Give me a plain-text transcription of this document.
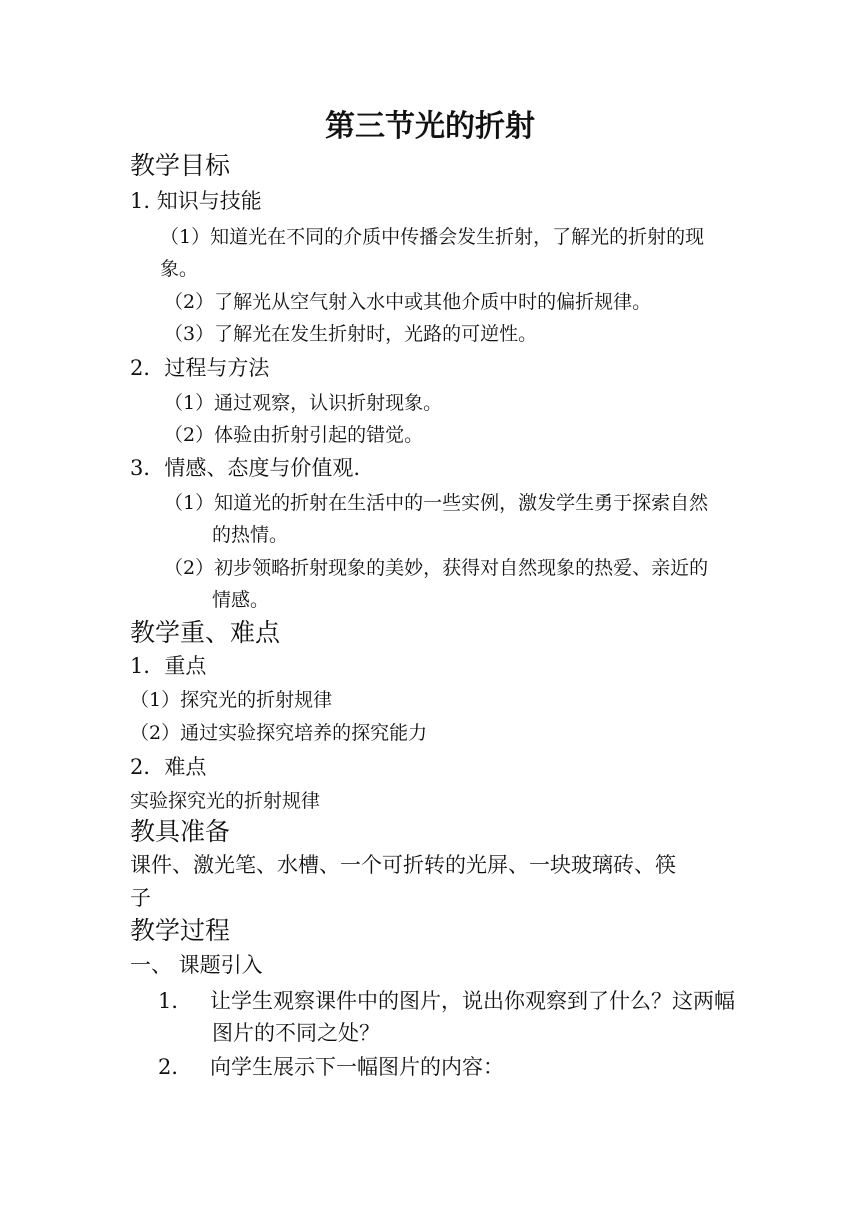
第三节光的折射
教学目标
1. 知识与技能
（1）知道光在不同的介质中传播会发生折射，了解光的折射的现
象。
（2）了解光从空气射入水中或其他介质中时的偏折规律。
（3）了解光在发生折射时，光路的可逆性。
2．过程与方法
（1）通过观察，认识折射现象。
（2）体验由折射引起的错觉。
3．情感、态度与价值观.
（1）知道光的折射在生活中的一些实例，激发学生勇于探索自然
的热情。
（2）初步领略折射现象的美妙，获得对自然现象的热爱、亲近的
情感。
教学重、难点
1．重点
（1）探究光的折射规律
（2）通过实验探究培养的探究能力
2．难点
实验探究光的折射规律
教具准备
课件、激光笔、水槽、一个可折转的光屏、一块玻璃砖、筷
子
教学过程
一、 课题引入
1． 让学生观察课件中的图片，说出你观察到了什么？这两幅
图片的不同之处？
2． 向学生展示下一幅图片的内容：
